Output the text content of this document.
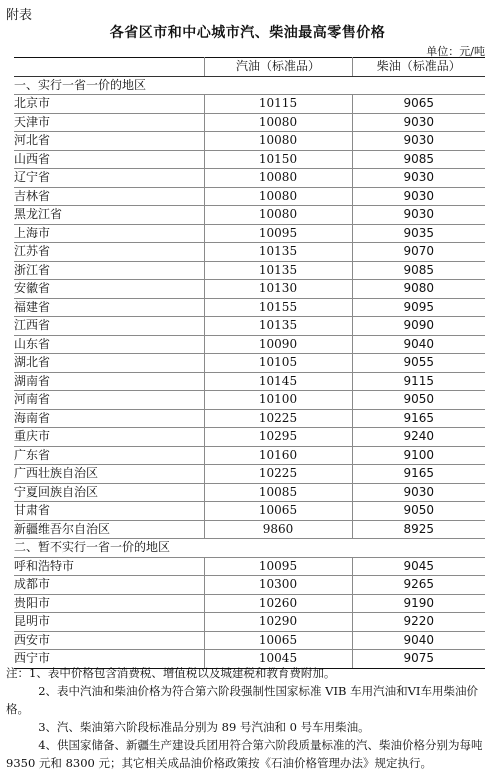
附表
各省区市和中心城市汽、柴油最高零售价格
单位：元/吨
	汽油（标准品）	柴油（标准品）
一、实行一省一价的地区		
北京市	10115	9065
天津市	10080	9030
河北省	10080	9030
山西省	10150	9085
辽宁省	10080	9030
吉林省	10080	9030
黑龙江省	10080	9030
上海市	10095	9035
江苏省	10135	9070
浙江省	10135	9085
安徽省	10130	9080
福建省	10155	9095
江西省	10135	9090
山东省	10090	9040
湖北省	10105	9055
湖南省	10145	9115
河南省	10100	9050
海南省	10225	9165
重庆市	10295	9240
广东省	10160	9100
广西壮族自治区	10225	9165
宁夏回族自治区	10085	9030
甘肃省	10065	9050
新疆维吾尔自治区	9860	8925
二、暂不实行一省一价的地区		
呼和浩特市	10095	9045
成都市	10300	9265
贵阳市	10260	9190
昆明市	10290	9220
西安市	10065	9040
西宁市	10045	9075

注：1、表中价格包含消费税、增值税以及城建税和教育费附加。

2、表中汽油和柴油价格为符合第六阶段强制性国家标准 VIB 车用汽油和VI车用柴油价格。

3、汽、柴油第六阶段标准品分别为 89 号汽油和 0 号车用柴油。

4、供国家储备、新疆生产建设兵团用符合第六阶段质量标准的汽、柴油价格分别为每吨 9350 元和 8300 元；其它相关成品油价格政策按《石油价格管理办法》规定执行。
